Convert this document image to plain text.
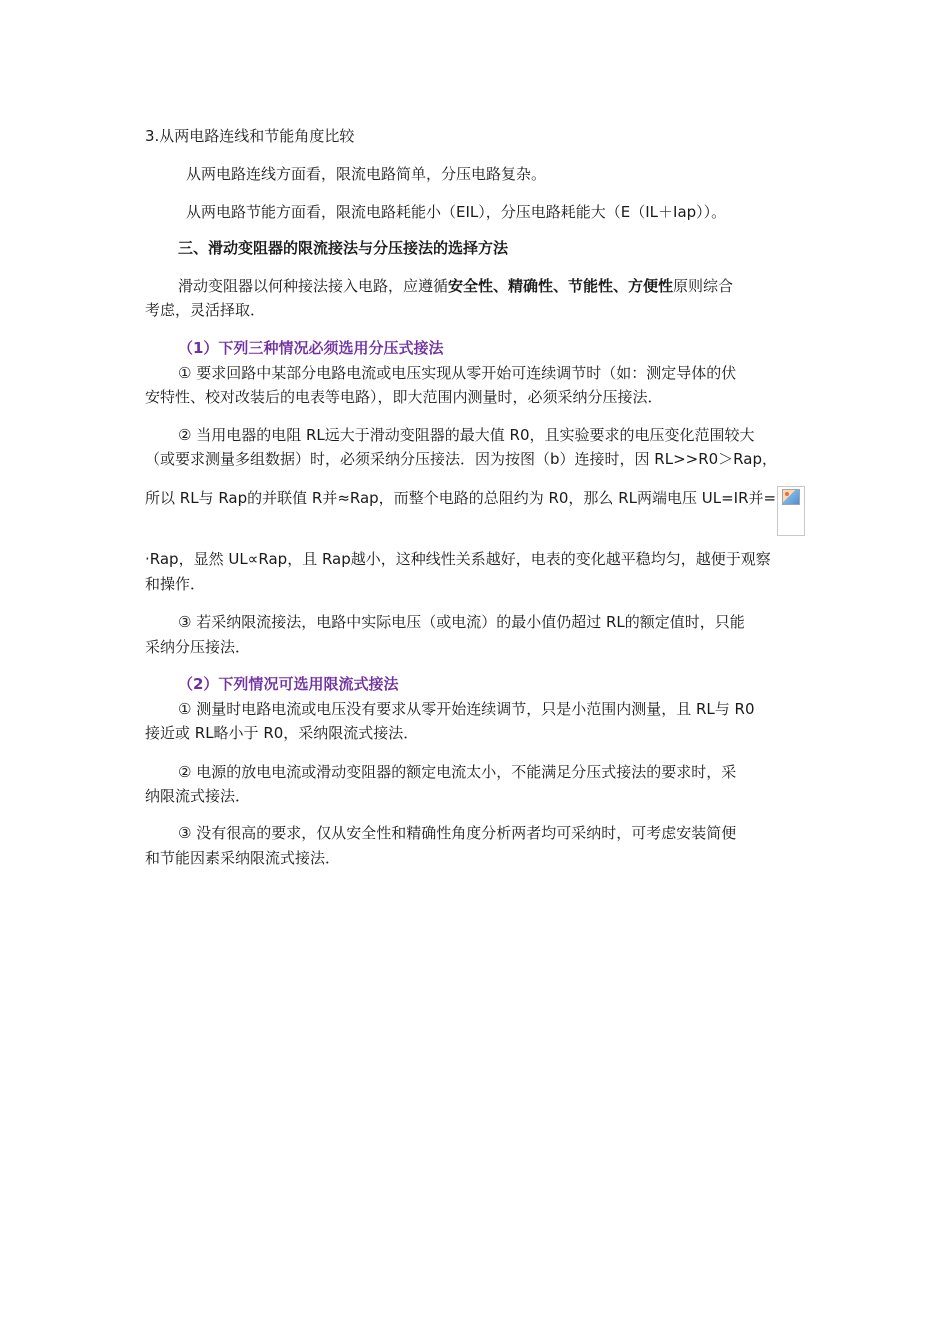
3.从两电路连线和节能角度比较
从两电路连线方面看，限流电路简单，分压电路复杂。
从两电路节能方面看，限流电路耗能小（EIL），分压电路耗能大（E（IL＋Iap））。
三、滑动变阻器的限流接法与分压接法的选择方法
滑动变阻器以何种接法接入电路，应遵循安全性、精确性、节能性、方便性原则综合
考虑，灵活择取．
（1）下列三种情况必须选用分压式接法
① 要求回路中某部分电路电流或电压实现从零开始可连续调节时（如：测定导体的伏
安特性、校对改装后的电表等电路），即大范围内测量时，必须采纳分压接法．
② 当用电器的电阻 RL远大于滑动变阻器的最大值 R0，且实验要求的电压变化范围较大
（或要求测量多组数据）时，必须采纳分压接法．因为按图（b）连接时，因 RL>>R0＞Rap，
所以 RL与 Rap的并联值 R并≈Rap，而整个电路的总阻约为 R0，那么 RL两端电压 UL=IR并=
·Rap，显然 UL∝Rap，且 Rap越小，这种线性关系越好，电表的变化越平稳均匀，越便于观察
和操作．
③ 若采纳限流接法，电路中实际电压（或电流）的最小值仍超过 RL的额定值时，只能
采纳分压接法．
（2）下列情况可选用限流式接法
① 测量时电路电流或电压没有要求从零开始连续调节，只是小范围内测量，且 RL与 R0
接近或 RL略小于 R0，采纳限流式接法．
② 电源的放电电流或滑动变阻器的额定电流太小，不能满足分压式接法的要求时，采
纳限流式接法．
③ 没有很高的要求，仅从安全性和精确性角度分析两者均可采纳时，可考虑安装简便
和节能因素采纳限流式接法．
